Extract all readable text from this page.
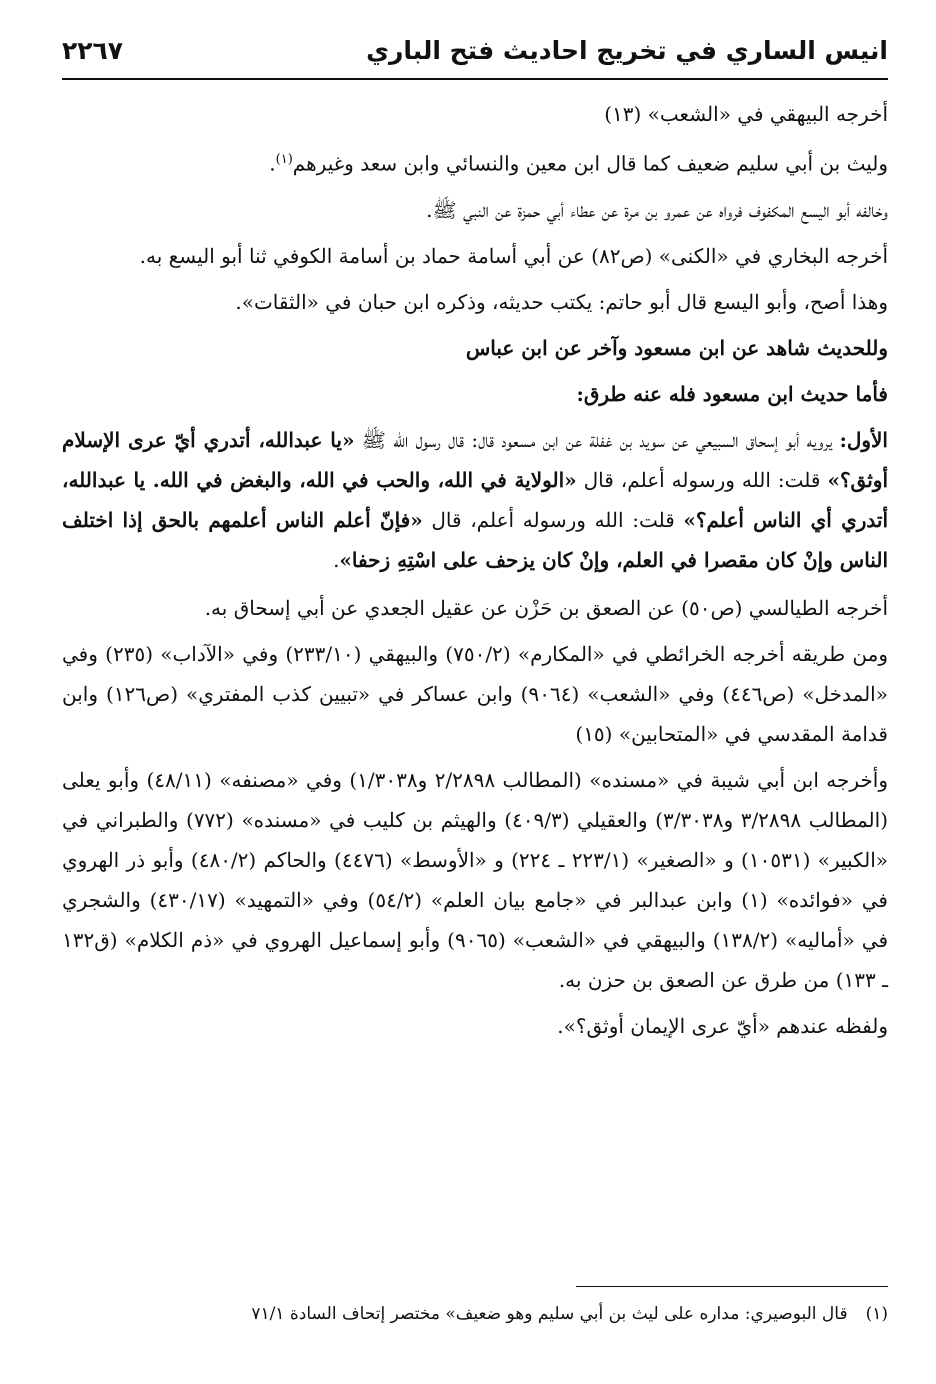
انيس الساري في تخريج احاديث فتح الباري
٢٢٦٧

أخرجه البيهقي في «الشعب» (١٣)

وليث بن أبي سليم ضعيف كما قال ابن معين والنسائي وابن سعد وغيرهم$^{(١)}$.

وخالفه أبو اليسع المكفوف فرواه عن عمرو بن مرة عن عطاء أبي حمزة عن النبي ﷺ.

أخرجه البخاري في «الكنى» (ص٨٢) عن أبي أسامة حماد بن أسامة الكوفي ثنا أبو اليسع به.

وهذا أصح، وأبو اليسع قال أبو حاتم: يكتب حديثه، وذكره ابن حبان في «الثقات».

وللحديث شاهد عن ابن مسعود وآخر عن ابن عباس

فأما حديث ابن مسعود فله عنه طرق:

الأول: يرويه أبو إسحاق السبيعي عن سويد بن غفلة عن ابن مسعود قال: قال رسول الله ﷺ «يا عبدالله، أتدري أيّ عرى الإسلام أوثق؟» قلت: الله ورسوله أعلم، قال «الولاية في الله، والحب في الله، والبغض في الله. يا عبدالله، أتدري أي الناس أعلم؟» قلت: الله ورسوله أعلم، قال «فإنّ أعلم الناس أعلمهم بالحق إذا اختلف الناس وإنْ كان مقصرا في العلم، وإنْ كان يزحف على اسْتِهِ زحفا».

أخرجه الطيالسي (ص٥٠) عن الصعق بن حَزْن عن عقيل الجعدي عن أبي إسحاق به.

ومن طريقه أخرجه الخرائطي في «المكارم» (٧٥٠/٢) والبيهقي (٢٣٣/١٠) وفي «الآداب» (٢٣٥) وفي «المدخل» (ص٤٤٦) وفي «الشعب» (٩٠٦٤) وابن عساكر في «تبيين كذب المفتري» (ص١٢٦) وابن قدامة المقدسي في «المتحابين» (١٥)

وأخرجه ابن أبي شيبة في «مسنده» (المطالب ٢/٢٨٩٨ و١/٣٠٣٨) وفي «مصنفه» (٤٨/١١) وأبو يعلى (المطالب ٣/٢٨٩٨ و٣/٣٠٣٨) والعقيلي (٤٠٩/٣) والهيثم بن كليب في «مسنده» (٧٧٢) والطبراني في «الكبير» (١٠٥٣١) و «الصغير» (٢٢٣/١ ـ ٢٢٤) و «الأوسط» (٤٤٧٦) والحاكم (٤٨٠/٢) وأبو ذر الهروي في «فوائده» (١) وابن عبدالبر في «جامع بيان العلم» (٥٤/٢) وفي «التمهيد» (٤٣٠/١٧) والشجري في «أماليه» (١٣٨/٢) والبيهقي في «الشعب» (٩٠٦٥) وأبو إسماعيل الهروي في «ذم الكلام» (ق١٣٢ ـ ١٣٣) من طرق عن الصعق بن حزن به.

ولفظه عندهم «أيّ عرى الإيمان أوثق؟».

(١)قال البوصيري: مداره على ليث بن أبي سليم وهو ضعيف» مختصر إتحاف السادة ٧١/١
